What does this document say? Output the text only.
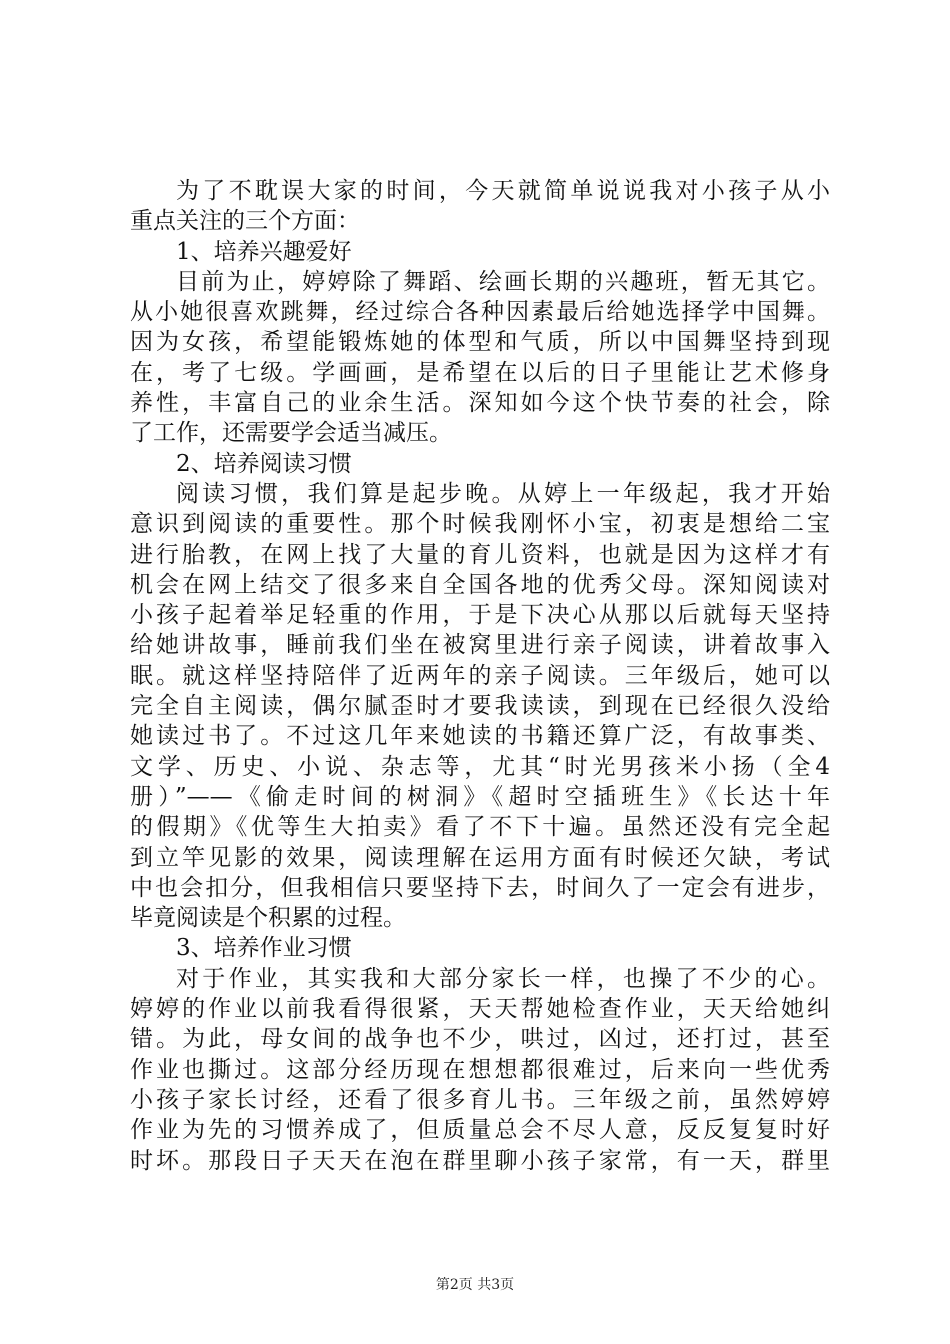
为了不耽误大家的时间，今天就简单说说我对小孩子从小
重点关注的三个方面：
1、培养兴趣爱好
目前为止，婷婷除了舞蹈、绘画长期的兴趣班，暂无其它。
从小她很喜欢跳舞，经过综合各种因素最后给她选择学中国舞。
因为女孩，希望能锻炼她的体型和气质，所以中国舞坚持到现
在，考了七级。学画画，是希望在以后的日子里能让艺术修身
养性，丰富自己的业余生活。深知如今这个快节奏的社会，除
了工作，还需要学会适当减压。
2、培养阅读习惯
阅读习惯，我们算是起步晚。从婷上一年级起，我才开始
意识到阅读的重要性。那个时候我刚怀小宝，初衷是想给二宝
进行胎教，在网上找了大量的育儿资料，也就是因为这样才有
机会在网上结交了很多来自全国各地的优秀父母。深知阅读对
小孩子起着举足轻重的作用，于是下决心从那以后就每天坚持
给她讲故事，睡前我们坐在被窝里进行亲子阅读，讲着故事入
眠。就这样坚持陪伴了近两年的亲子阅读。三年级后，她可以
完全自主阅读，偶尔腻歪时才要我读读，到现在已经很久没给
她读过书了。不过这几年来她读的书籍还算广泛，有故事类、
文学、历史、小说、杂志等，尤其“时光男孩米小扬（全4
册）”——《偷走时间的树洞》《超时空插班生》《长达十年
的假期》《优等生大拍卖》看了不下十遍。虽然还没有完全起
到立竿见影的效果，阅读理解在运用方面有时候还欠缺，考试
中也会扣分，但我相信只要坚持下去，时间久了一定会有进步，
毕竟阅读是个积累的过程。
3、培养作业习惯
对于作业，其实我和大部分家长一样，也操了不少的心。
婷婷的作业以前我看得很紧，天天帮她检查作业，天天给她纠
错。为此，母女间的战争也不少，哄过，凶过，还打过，甚至
作业也撕过。这部分经历现在想想都很难过，后来向一些优秀
小孩子家长讨经，还看了很多育儿书。三年级之前，虽然婷婷
作业为先的习惯养成了，但质量总会不尽人意，反反复复时好
时坏。那段日子天天在泡在群里聊小孩子家常，有一天，群里
第2页 共3页
